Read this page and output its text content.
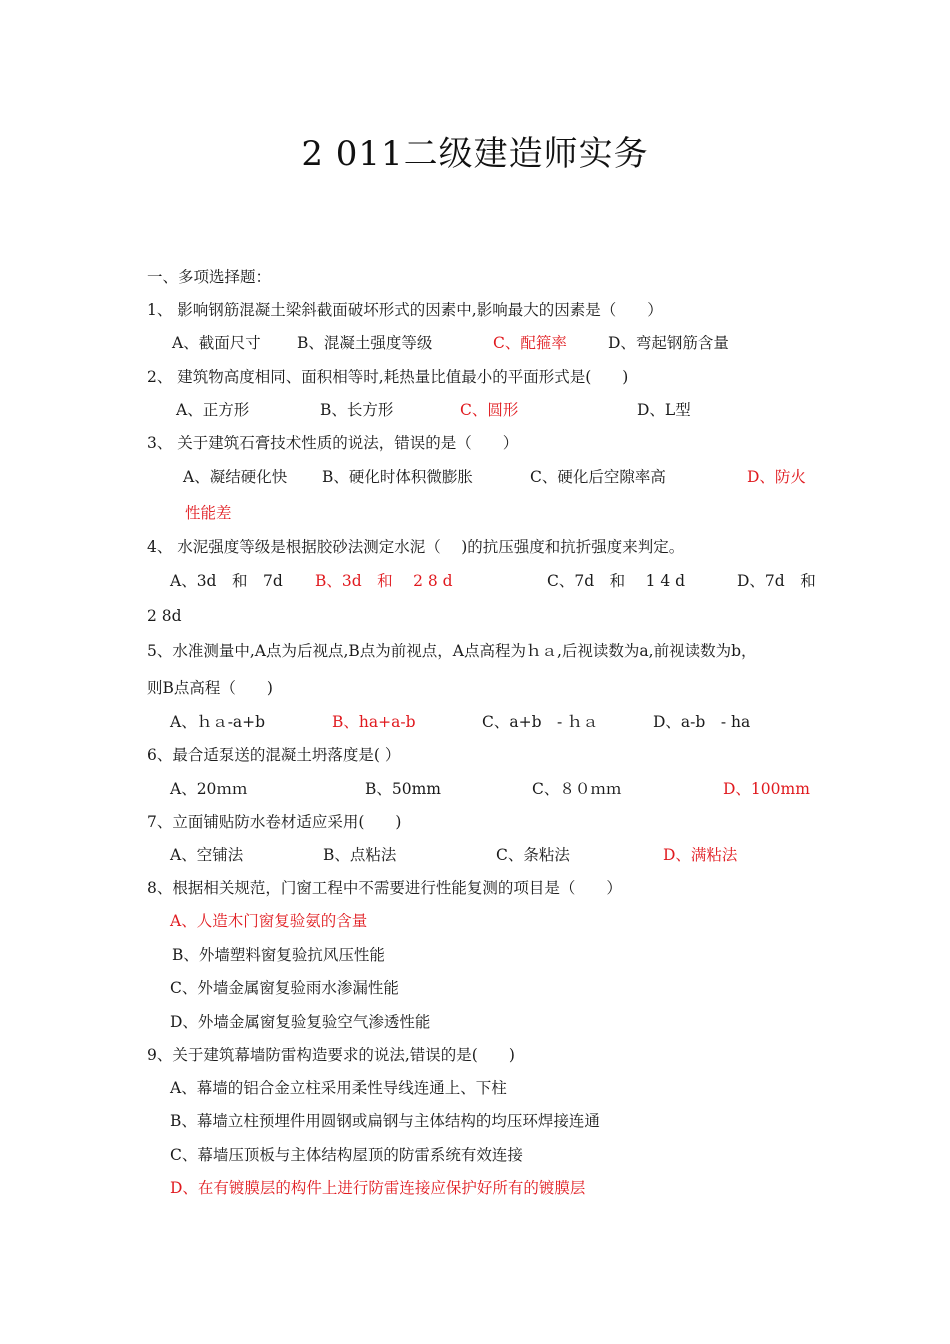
2 011二级建造师实务
一、多项选择题：
1、 影响钢筋混凝土梁斜截面破坏形式的因素中,影响最大的因素是（　　）
A、截面尺寸 B、混凝土强度等级	C、配箍率	D、弯起钢筋含量
2、 建筑物高度相同、面积相等时,耗热量比值最小的平面形式是(　　)
A、正方形	B、长方形	C、圆形	D、L型
3、 关于建筑石膏技术性质的说法，错误的是（　　）
A、凝结硬化快 B、硬化时体积微膨胀	C、硬化后空隙率高	D、防火
性能差
4、 水泥强度等级是根据胶砂法测定水泥（　 )的抗压强度和抗折强度来判定。
A、3d　和　7d B、3d　和　 2 8 d	C、7d　和　 1 4 d	D、7d　和
2 8d
5、水准测量中,A点为后视点,B点为前视点，A点高程为ｈａ,后视读数为a,前视读数为b，
则B点高程（　　)
A、ｈａ-a+b	B、ha+a-b	C、a+b　- ｈａ	D、a-b　- ha
6、最合适泵送的混凝土坍落度是( ）
A、20ｍｍ	B、50mm	C、８０ｍｍ	D、100mm
7、立面铺贴防水卷材适应采用(　　)
A、空铺法	B、点粘法	C、条粘法	D、满粘法
8、根据相关规范，门窗工程中不需要进行性能复测的项目是（　　）
A、人造木门窗复验氨的含量
B、外墙塑料窗复验抗风压性能
C、外墙金属窗复验雨水渗漏性能
D、外墙金属窗复验复验空气渗透性能
9、关于建筑幕墙防雷构造要求的说法,错误的是(　　)
A、幕墙的铝合金立柱采用柔性导线连通上、下柱
B、幕墙立柱预埋件用圆钢或扁钢与主体结构的均压环焊接连通
C、幕墙压顶板与主体结构屋顶的防雷系统有效连接
D、在有镀膜层的构件上进行防雷连接应保护好所有的镀膜层
